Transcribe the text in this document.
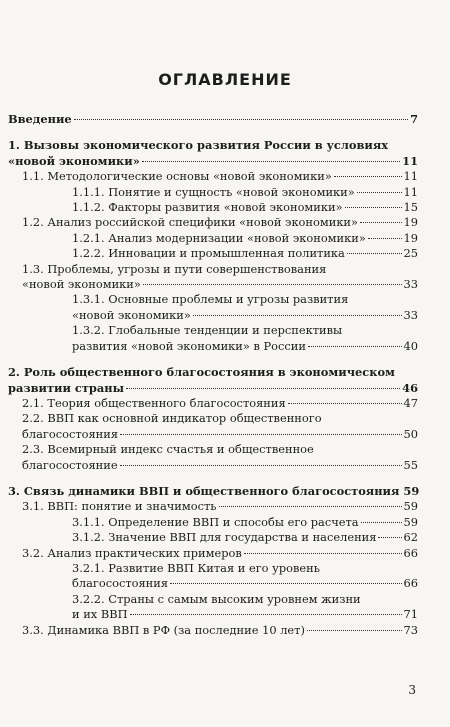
ОГЛАВЛЕНИЕ
Введение	7
1. Вызовы экономического развития России в условиях
«новой экономики»	11
1.1. Методологические основы «новой экономики»	11
1.1.1. Понятие и сущность «новой экономики»	11
1.1.2. Факторы развития «новой экономики»	15
1.2. Анализ российской специфики «новой экономики»	19
1.2.1. Анализ модернизации «новой экономики»	19
1.2.2. Инновации и промышленная политика	25
1.3. Проблемы, угрозы и пути совершенствования
«новой экономики»	33
1.3.1. Основные проблемы и угрозы развития
«новой экономики»	33
1.3.2. Глобальные тенденции и перспективы
развития «новой экономики» в России	40
2. Роль общественного благосостояния в экономическом
развитии страны	46
2.1. Теория общественного благосостояния	47
2.2. ВВП как основной индикатор общественного
благосостояния	50
2.3. Всемирный индекс счастья и общественное
благосостояние	55
3. Связь динамики ВВП и общественного благосостояния 59
3.1. ВВП: понятие и значимость	59
3.1.1. Определение ВВП и способы его расчета	59
3.1.2. Значение ВВП для государства и населения 62
3.2. Анализ практических примеров	66
3.2.1. Развитие ВВП Китая и его уровень
благосостояния	66
3.2.2. Страны с самым высоким уровнем жизни
и их ВВП	71
3.3. Динамика ВВП в РФ (за последние 10 лет)	73
3
